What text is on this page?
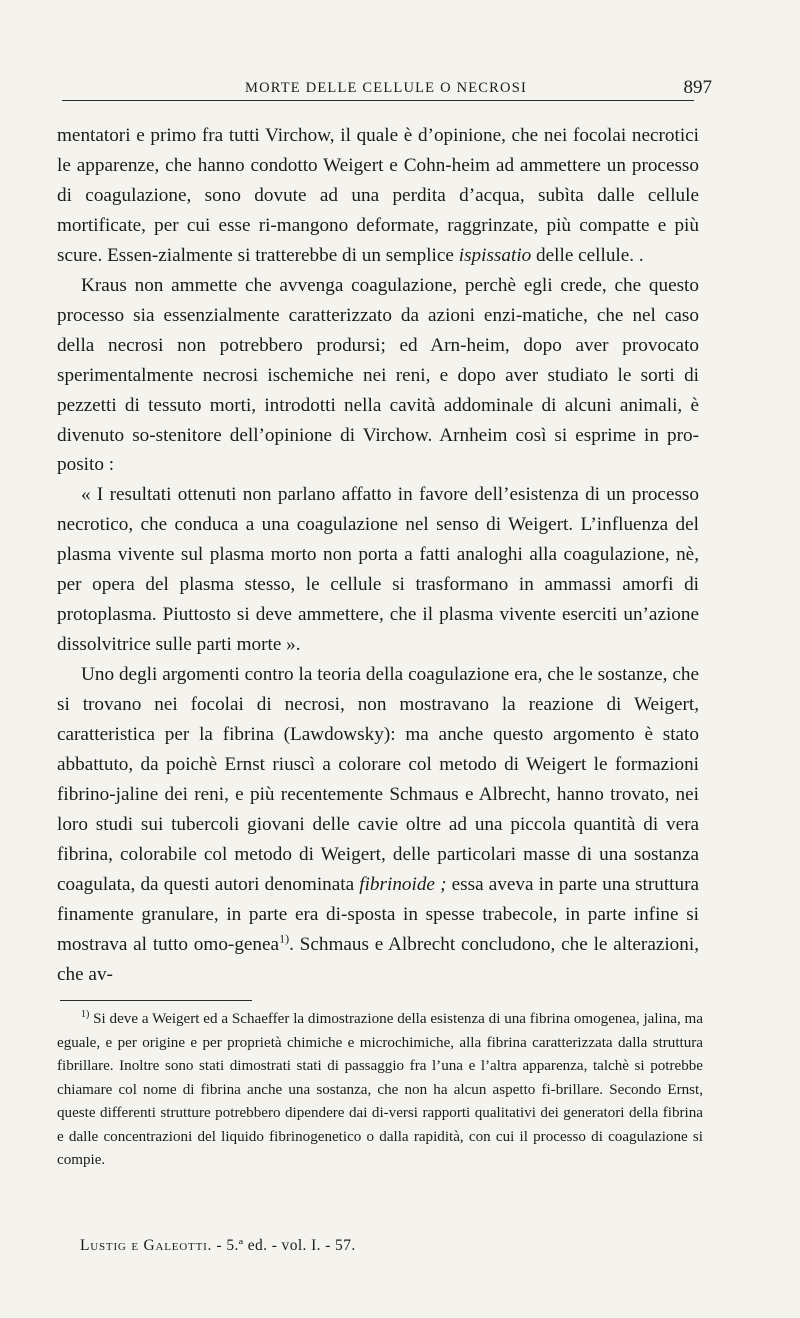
MORTE DELLE CELLULE O NECROSI	897

mentatori e primo fra tutti Virchow, il quale è d’opinione, che nei focolai necrotici le apparenze, che hanno condotto Weigert e Cohn-heim ad ammettere un processo di coagulazione, sono dovute ad una perdita d’acqua, subìta dalle cellule mortificate, per cui esse ri-mangono deformate, raggrinzate, più compatte e più scure. Essen-zialmente si tratterebbe di un semplice ispissatio delle cellule. .

Kraus non ammette che avvenga coagulazione, perchè egli crede, che questo processo sia essenzialmente caratterizzato da azioni enzi-matiche, che nel caso della necrosi non potrebbero prodursi; ed Arn-heim, dopo aver provocato sperimentalmente necrosi ischemiche nei reni, e dopo aver studiato le sorti di pezzetti di tessuto morti, introdotti nella cavità addominale di alcuni animali, è divenuto so-stenitore dell’opinione di Virchow. Arnheim così si esprime in pro-posito :

« I resultati ottenuti non parlano affatto in favore dell’esistenza di un processo necrotico, che conduca a una coagulazione nel senso di Weigert. L’influenza del plasma vivente sul plasma morto non porta a fatti analoghi alla coagulazione, nè, per opera del plasma stesso, le cellule si trasformano in ammassi amorfi di protoplasma. Piuttosto si deve ammettere, che il plasma vivente eserciti un’azione dissolvitrice sulle parti morte ».

Uno degli argomenti contro la teoria della coagulazione era, che le sostanze, che si trovano nei focolai di necrosi, non mostravano la reazione di Weigert, caratteristica per la fibrina (Lawdowsky): ma anche questo argomento è stato abbattuto, da poichè Ernst riuscì a colorare col metodo di Weigert le formazioni fibrino-jaline dei reni, e più recentemente Schmaus e Albrecht, hanno trovato, nei loro studi sui tubercoli giovani delle cavie oltre ad una piccola quantità di vera fibrina, colorabile col metodo di Weigert, delle particolari masse di una sostanza coagulata, da questi autori denominata fibrinoide ; essa aveva in parte una struttura finamente granulare, in parte era di-sposta in spesse trabecole, in parte infine si mostrava al tutto omo-genea$^{1)}$. Schmaus e Albrecht concludono, che le alterazioni, che av-

$^{1)}$ Si deve a Weigert ed a Schaeffer la dimostrazione della esistenza di una fibrina omogenea, jalina, ma eguale, e per origine e per proprietà chimiche e microchimiche, alla fibrina caratterizzata dalla struttura fibrillare. Inoltre sono stati dimostrati stati di passaggio fra l’una e l’altra apparenza, talchè si potrebbe chiamare col nome di fibrina anche una sostanza, che non ha alcun aspetto fi-brillare. Secondo Ernst, queste differenti strutture potrebbero dipendere dai di-versi rapporti qualitativi dei generatori della fibrina e dalle concentrazioni del liquido fibrinogenetico o dalla rapidità, con cui il processo di coagulazione si compie.

Lustig e Galeotti. - 5.ª ed. - vol. I. - 57.
